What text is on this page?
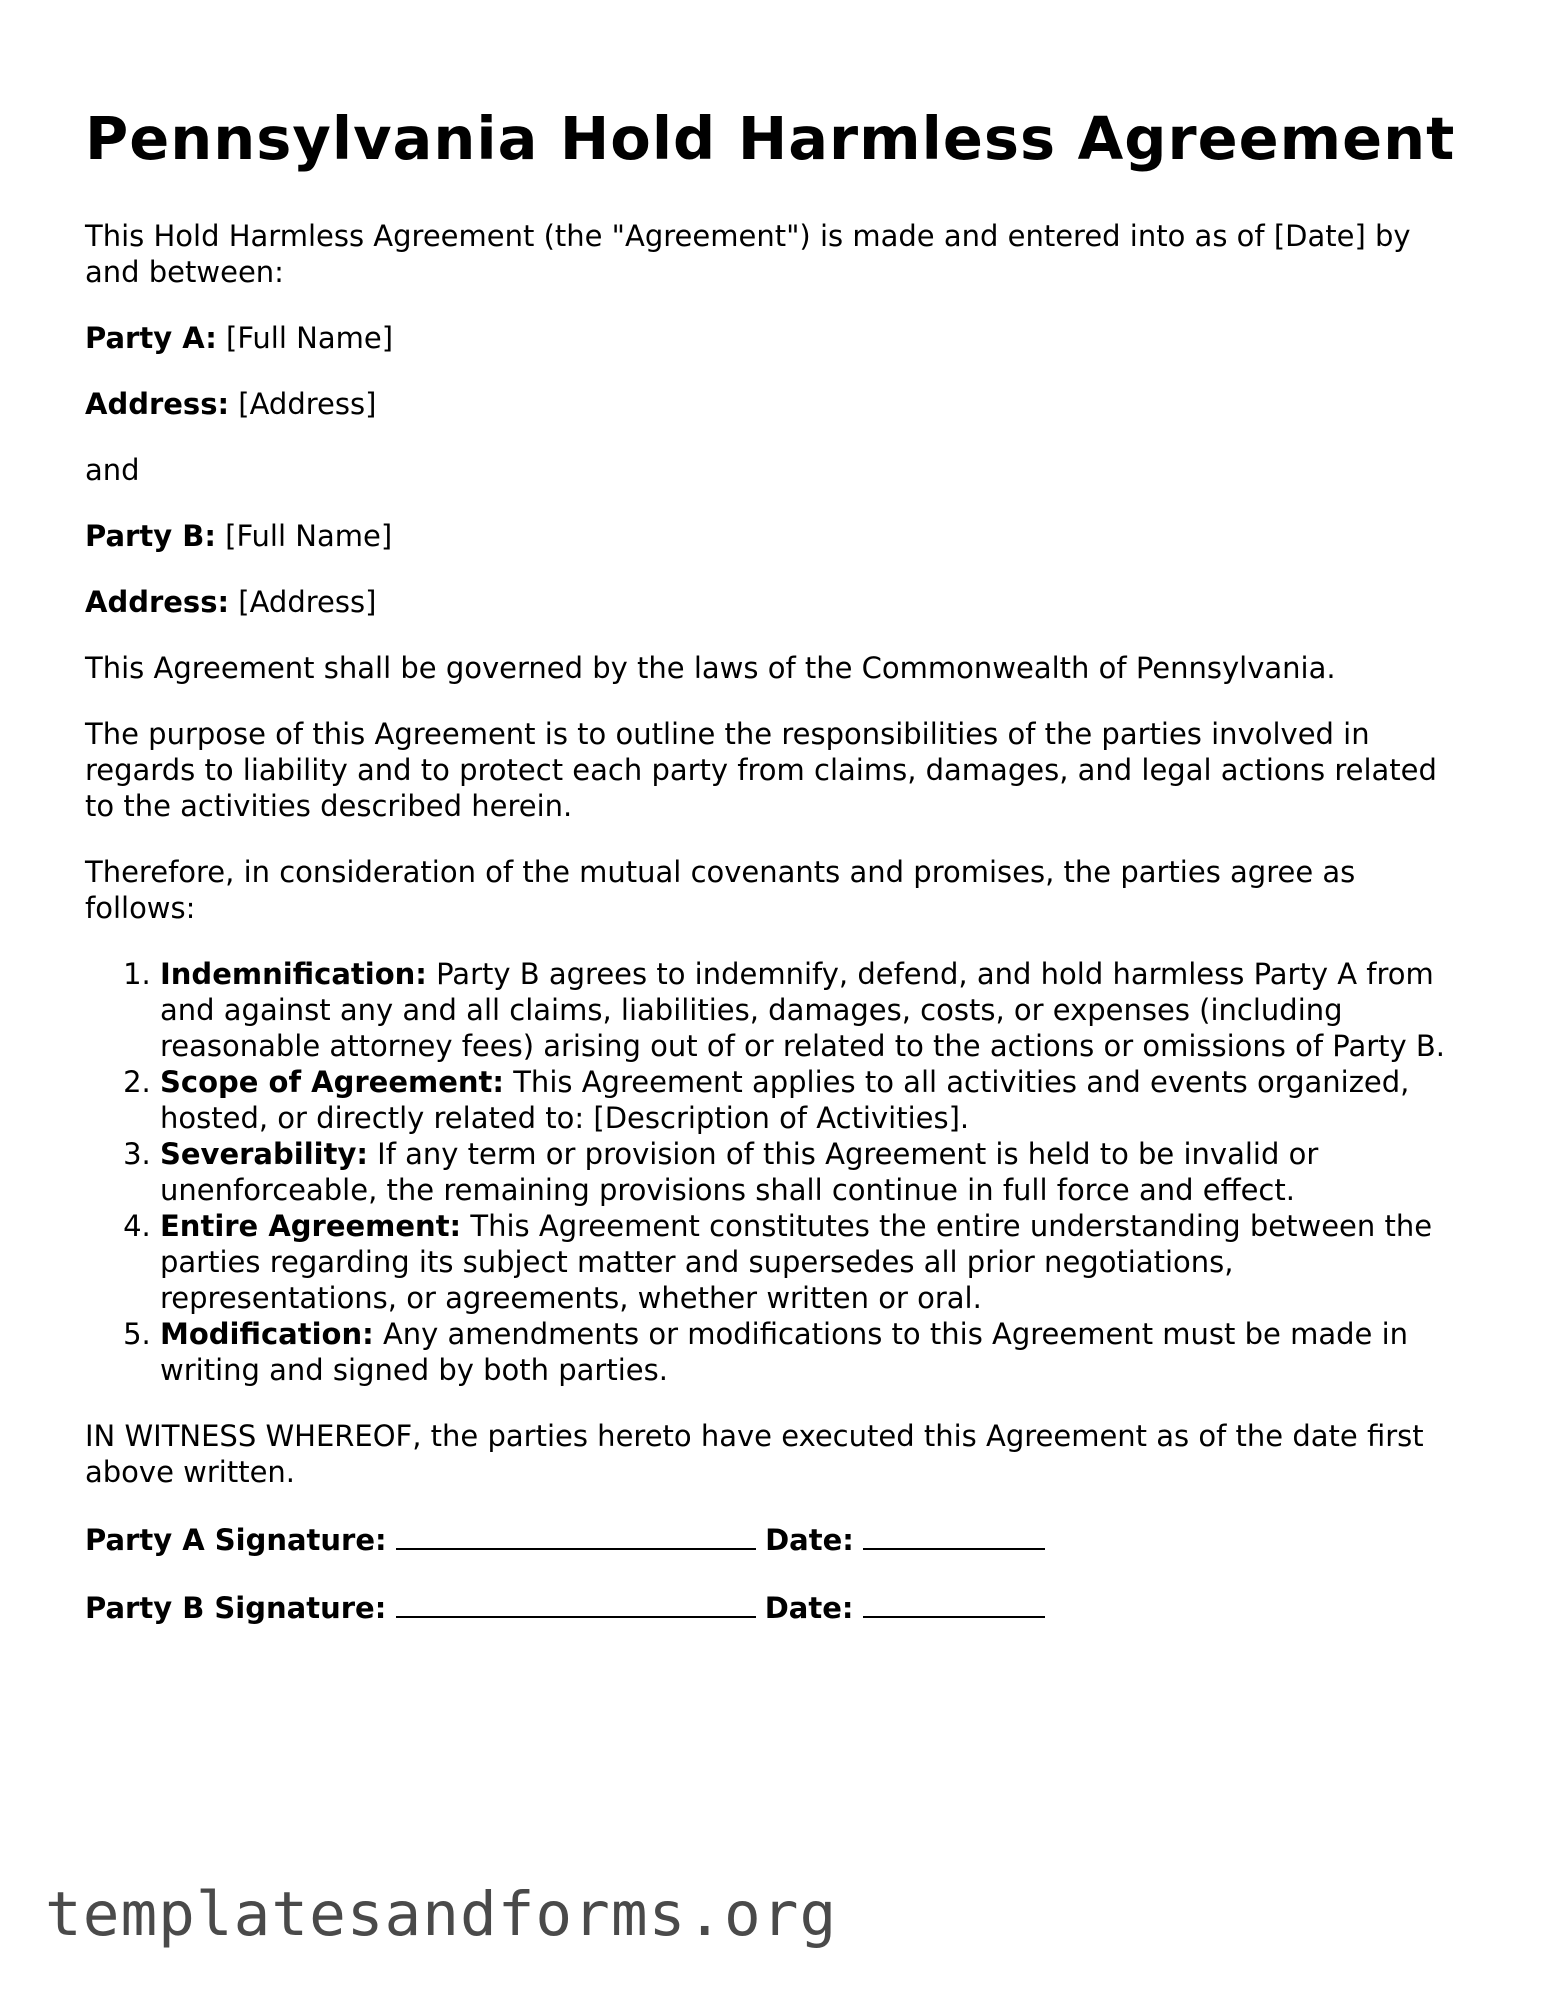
Pennsylvania Hold Harmless Agreement

This Hold Harmless Agreement (the "Agreement") is made and entered into as of [Date] by and between:

Party A: [Full Name]

Address: [Address]

and

Party B: [Full Name]

Address: [Address]

This Agreement shall be governed by the laws of the Commonwealth of Pennsylvania.

The purpose of this Agreement is to outline the responsibilities of the parties involved in regards to liability and to protect each party from claims, damages, and legal actions related to the activities described herein.

Therefore, in consideration of the mutual covenants and promises, the parties agree as follows:

1. Indemnification: Party B agrees to indemnify, defend, and hold harmless Party A from and against any and all claims, liabilities, damages, costs, or expenses (including reasonable attorney fees) arising out of or related to the actions or omissions of Party B.
2. Scope of Agreement: This Agreement applies to all activities and events organized, hosted, or directly related to: [Description of Activities].
3. Severability: If any term or provision of this Agreement is held to be invalid or unenforceable, the remaining provisions shall continue in full force and effect.
4. Entire Agreement: This Agreement constitutes the entire understanding between the parties regarding its subject matter and supersedes all prior negotiations, representations, or agreements, whether written or oral.
5. Modification: Any amendments or modifications to this Agreement must be made in writing and signed by both parties.

IN WITNESS WHEREOF, the parties hereto have executed this Agreement as of the date first above written.

Party A Signature:	Date:

Party B Signature:	Date:

templatesandforms.org
